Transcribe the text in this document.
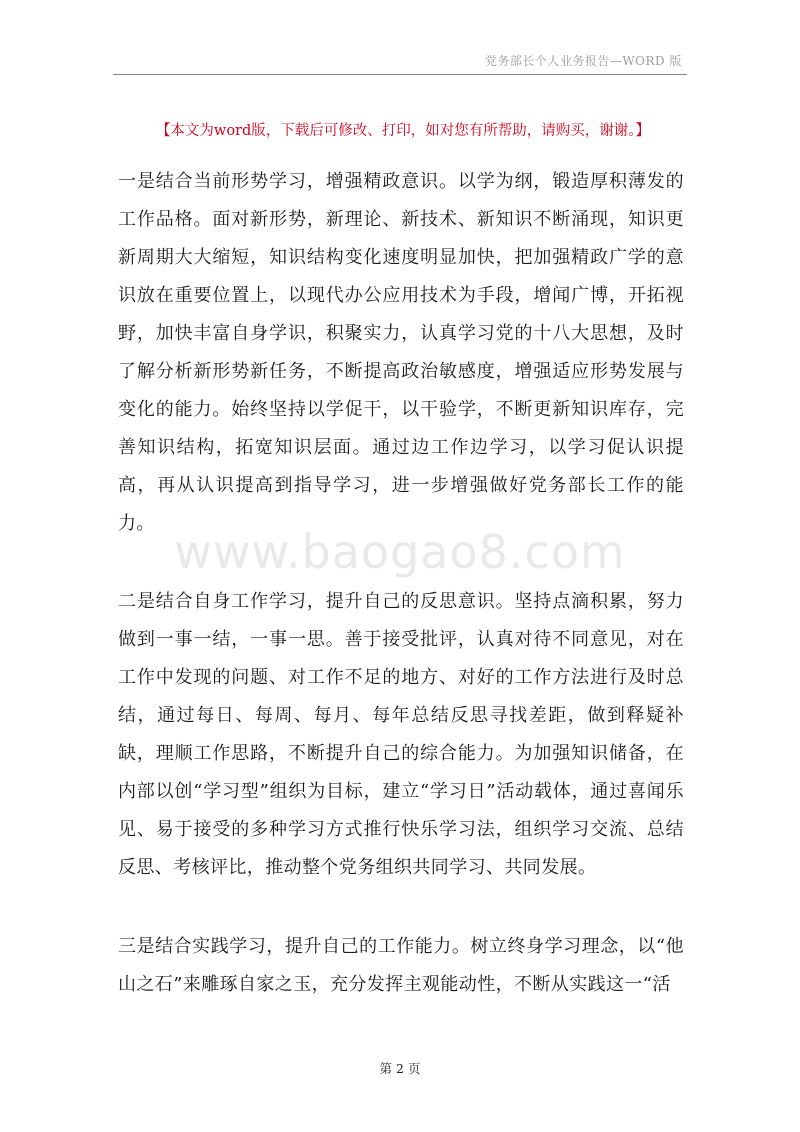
党务部长个人业务报告—WORD 版
【本文为word版，下载后可修改、打印，如对您有所帮助，请购买，谢谢。】

一是结合当前形势学习，增强精政意识。以学为纲，锻造厚积薄发的工作品格。面对新形势，新理论、新技术、新知识不断涌现，知识更新周期大大缩短，知识结构变化速度明显加快，把加强精政广学的意识放在重要位置上，以现代办公应用技术为手段，增闻广博，开拓视野，加快丰富自身学识，积聚实力，认真学习党的十八大思想，及时了解分析新形势新任务，不断提高政治敏感度，增强适应形势发展与变化的能力。始终坚持以学促干，以干验学，不断更新知识库存，完善知识结构，拓宽知识层面。通过边工作边学习，以学习促认识提高，再从认识提高到指导学习，进一步增强做好党务部长工作的能力。

www.baogao8.com

二是结合自身工作学习，提升自己的反思意识。坚持点滴积累，努力做到一事一结，一事一思。善于接受批评，认真对待不同意见，对在工作中发现的问题、对工作不足的地方、对好的工作方法进行及时总结，通过每日、每周、每月、每年总结反思寻找差距，做到释疑补缺，理顺工作思路，不断提升自己的综合能力。为加强知识储备，在内部以创“学习型”组织为目标，建立“学习日”活动载体，通过喜闻乐见、易于接受的多种学习方式推行快乐学习法，组织学习交流、总结反思、考核评比，推动整个党务组织共同学习、共同发展。

三是结合实践学习，提升自己的工作能力。树立终身学习理念，以“他山之石”来雕琢自家之玉，充分发挥主观能动性，不断从实践这一“活

第 2 页
